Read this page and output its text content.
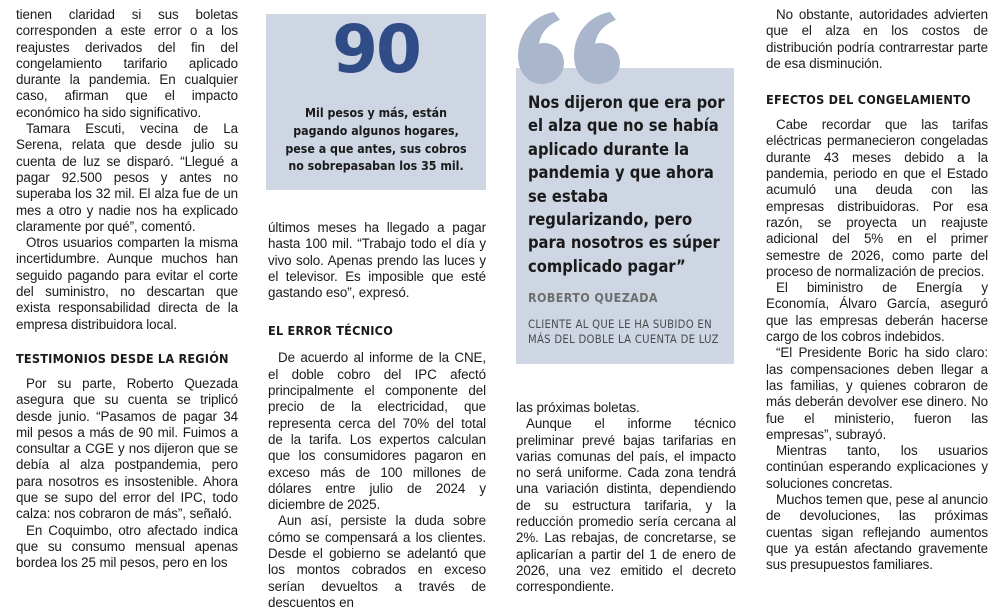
tienen claridad si sus boletas corresponden a este error o a los reajustes derivados del fin del congelamiento tarifario aplicado durante la pandemia. En cualquier caso, afirman que el impacto económico ha sido significativo.

Tamara Escuti, vecina de La Serena, relata que desde julio su cuenta de luz se disparó. “Llegué a pagar 92.500 pesos y antes no superaba los 32 mil. El alza fue de un mes a otro y nadie nos ha explicado claramente por qué”, comentó.

Otros usuarios comparten la misma incertidumbre. Aunque muchos han seguido pagando para evitar el corte del suministro, no descartan que exista responsabilidad directa de la empresa distribuidora local.

TESTIMONIOS DESDE LA REGIÓN

Por su parte, Roberto Quezada asegura que su cuenta se triplicó desde junio. “Pasamos de pagar 34 mil pesos a más de 90 mil. Fuimos a consultar a CGE y nos dijeron que se debía al alza postpandemia, pero para nosotros es insostenible. Ahora que se supo del error del IPC, todo calza: nos cobraron de más”, señaló.

En Coquimbo, otro afectado indica que su consumo mensual apenas bordea los 25 mil pesos, pero en los

90
Mil pesos y más, están pagando algunos hogares, pese a que antes, sus cobros no sobrepasaban los 35 mil.

últimos meses ha llegado a pagar hasta 100 mil. “Trabajo todo el día y vivo solo. Apenas prendo las luces y el televisor. Es imposible que esté gastando eso”, expresó.

EL ERROR TÉCNICO

De acuerdo al informe de la CNE, el doble cobro del IPC afectó principalmente el componente del precio de la electricidad, que representa cerca del 70% del total de la tarifa. Los expertos calculan que los consumidores pagaron en exceso más de 100 millones de dólares entre julio de 2024 y diciembre de 2025.

Aun así, persiste la duda sobre cómo se compensará a los clientes. Desde el gobierno se adelantó que los montos cobrados en exceso serían devueltos a través de descuentos en

Nos dijeron que era por el alza que no se había aplicado durante la pandemia y que ahora se estaba regularizando, pero para nosotros es súper complicado pagar”
ROBERTO QUEZADA
CLIENTE AL QUE LE HA SUBIDO EN MÁS DEL DOBLE LA CUENTA DE LUZ

las próximas boletas.

Aunque el informe técnico preliminar prevé bajas tarifarias en varias comunas del país, el impacto no será uniforme. Cada zona tendrá una variación distinta, dependiendo de su estructura tarifaria, y la reducción promedio sería cercana al 2%. Las rebajas, de concretarse, se aplicarían a partir del 1 de enero de 2026, una vez emitido el decreto correspondiente.

No obstante, autoridades advierten que el alza en los costos de distribución podría contrarrestar parte de esa disminución.

EFECTOS DEL CONGELAMIENTO

Cabe recordar que las tarifas eléctricas permanecieron congeladas durante 43 meses debido a la pandemia, periodo en que el Estado acumuló una deuda con las empresas distribuidoras. Por esa razón, se proyecta un reajuste adicional del 5% en el primer semestre de 2026, como parte del proceso de normalización de precios.

El biministro de Energía y Economía, Álvaro García, aseguró que las empresas deberán hacerse cargo de los cobros indebidos.

“El Presidente Boric ha sido claro: las compensaciones deben llegar a las familias, y quienes cobraron de más deberán devolver ese dinero. No fue el ministerio, fueron las empresas”, subrayó.

Mientras tanto, los usuarios continúan esperando explicaciones y soluciones concretas.

Muchos temen que, pese al anuncio de devoluciones, las próximas cuentas sigan reflejando aumentos que ya están afectando gravemente sus presupuestos familiares.
